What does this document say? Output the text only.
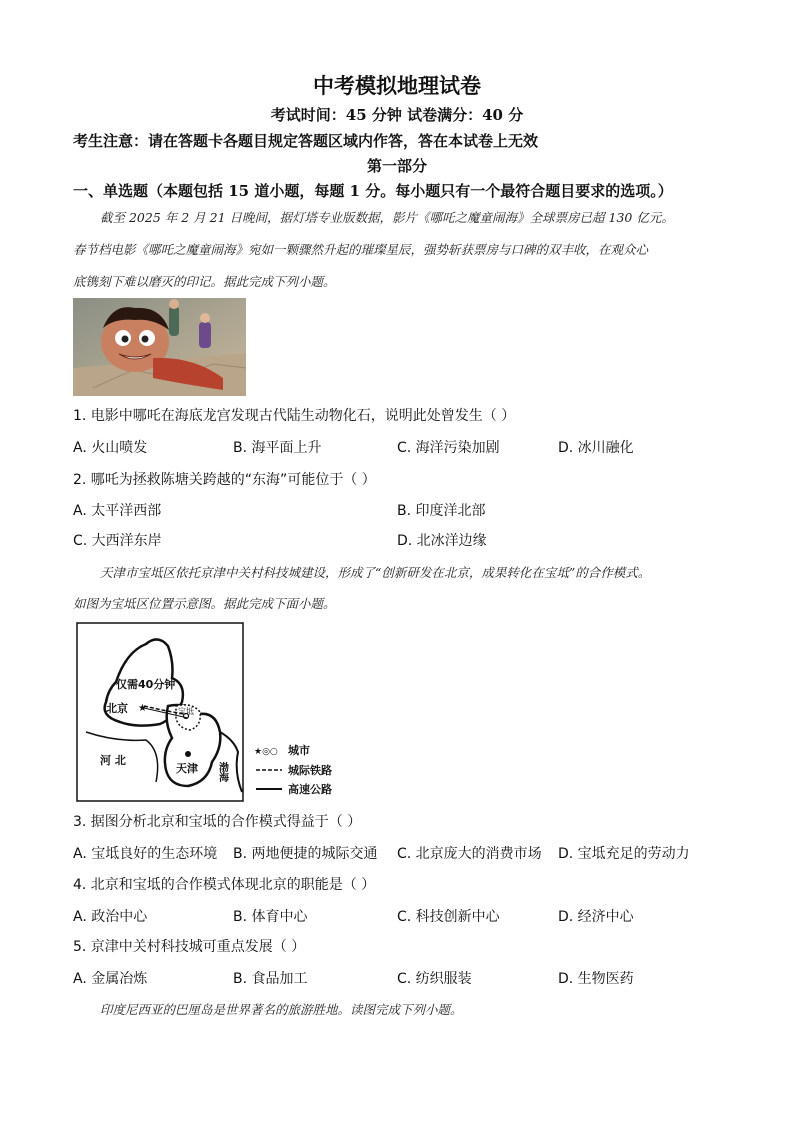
中考模拟地理试卷
考试时间：45 分钟 试卷满分：40 分
考生注意：请在答题卡各题目规定答题区域内作答，答在本试卷上无效
第一部分
一、单选题（本题包括 15 道小题，每题 1 分。每小题只有一个最符合题目要求的选项。）
截至 2025 年 2 月 21 日晚间，据灯塔专业版数据，影片《哪吒之魔童闹海》全球票房已超 130 亿元。
春节档电影《哪吒之魔童闹海》宛如一颗骤然升起的璀璨星辰，强势斩获票房与口碑的双丰收，在观众心
底镌刻下难以磨灭的印记。据此完成下列小题。
1. 电影中哪吒在海底龙宫发现古代陆生动物化石，说明此处曾发生（ ）
A. 火山喷发	B. 海平面上升	C. 海洋污染加剧	D. 冰川融化
2. 哪吒为拯救陈塘关跨越的“东海”可能位于（ ）
A. 太平洋西部	B. 印度洋北部
C. 大西洋东岸	D. 北冰洋边缘
天津市宝坻区依托京津中关村科技城建设，形成了“创新研发在北京，成果转化在宝坻”的合作模式。
如图为宝坻区位置示意图。据此完成下面小题。
★
仅需40分钟
北京	宝坻
河 北
天津 渤海
★◎○ 城市
城际铁路
高速公路
3. 据图分析北京和宝坻的合作模式得益于（ ）
A. 宝坻良好的生态环境 B. 两地便捷的城际交通 C. 北京庞大的消费市场 D. 宝坻充足的劳动力
4. 北京和宝坻的合作模式体现北京的职能是（ ）
A. 政治中心	B. 体育中心	C. 科技创新中心	D. 经济中心
5. 京津中关村科技城可重点发展（ ）
A. 金属冶炼	B. 食品加工	C. 纺织服装	D. 生物医药
印度尼西亚的巴厘岛是世界著名的旅游胜地。读图完成下列小题。
